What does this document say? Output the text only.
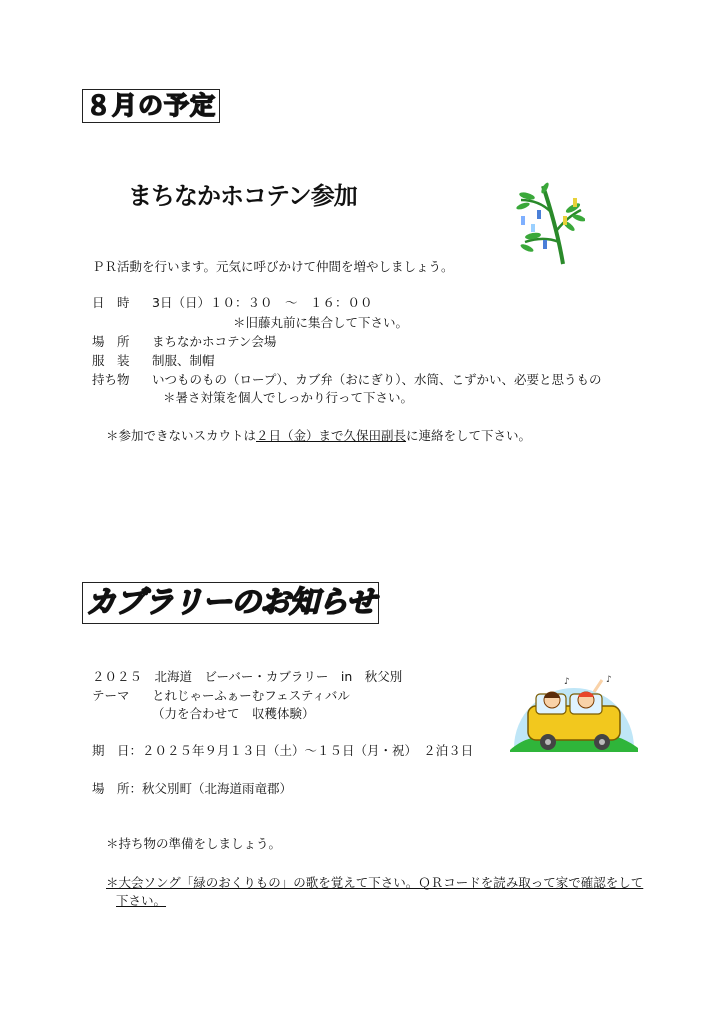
８月の予定
まちなかホコテン参加
ＰＲ活動を行います。元気に呼びかけて仲間を増やしましょう。
日　時 3日（日）１０：３０　～　１６：００
＊旧藤丸前に集合して下さい。
場　所 まちなかホコテン会場
服　装 制服、制帽
持ち物 いつものもの（ロープ）、カブ弁（おにぎり）、水筒、こずかい、必要と思うもの
＊暑さ対策を個人でしっかり行って下さい。
＊参加できないスカウトは２日（金）まで久保田副長に連絡をして下さい。
カブラリーのお知らせ
２０２５　北海道　ビーバー・カブラリー　in　秋父別
テーマ とれじゃーふぁーむフェスティバル
（力を合わせて　収穫体験）
期　日：２０２５年９月１３日（土）～１５日（月・祝）　２泊３日
場　所：秋父別町（北海道雨竜郡）
＊持ち物の準備をしましょう。
＊大会ソング「緑のおくりもの」の歌を覚えて下さい。ＱＲコードを読み取って家で確認をして
下さい。
♪	♪
